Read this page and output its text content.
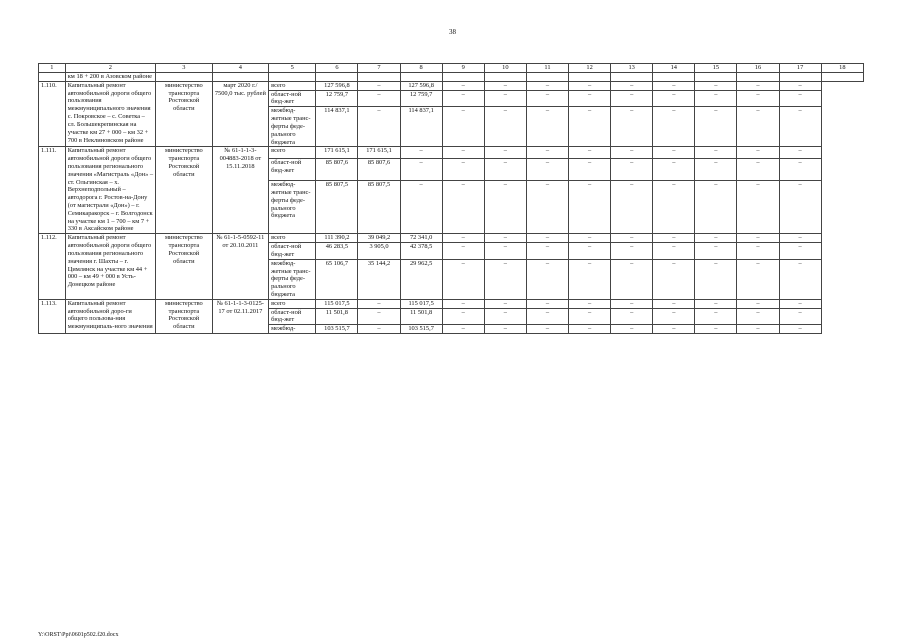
38
1	2	3	4	5	6	7	8	9	10	11	12	13	14	15	16	17	18
	км 18 + 200 в Азовском районе																
1.110.	Капитальный ремонт автомобильной дороги общего пользования межмуниципального значения с. Покровское – с. Советка – сл. Большекрепинская на участке км 27 + 000 – км 32 + 700 в Неклиновском районе	министерство транспорта Ростовской области	март 2020 г./ 7500,0 тыс. рублей	всего	127 596,8	–	127 596,8	–	–	–	–	–	–	–	–	–	
				област-ной бюд-жет	12 759,7	–	12 759,7	–	–	–	–	–	–	–	–	–	
				межбюд-жетные транс-ферты феде-рального бюджета	114 837,1	–	114 837,1	–	–	–	–	–	–	–	–	–	
1.111.	Капитальный ремонт автомобильной дороги общего пользования регионального значения «Магистраль «Дон» – ст. Ольгинская – х. Верхнеподпольный – автодорога г. Ростов-на-Дону (от магистрали «Дон») – г. Семикаракорск – г. Волгодонск на участке км 1 – 700 – км 7 + 330 в Аксайском районе	министерство транспорта Ростовской области	№ 61-1-1-3-004883-2018 от 15.11.2018	всего	171 615,1	171 615,1	–	–	–	–	–	–	–	–	–	–	
				област-ной бюд-жет	85 807,6	85 807,6	–	–	–	–	–	–	–	–	–	–	
				межбюд-жетные транс-ферты феде-рального бюджета	85 807,5	85 807,5	–	–	–	–	–	–	–	–	–	–	
1.112.	Капитальный ремонт автомобильной дороги общего пользования регионального значения г. Шахты – г. Цимлянск на участке км 44 + 000 – км 49 + 000 в Усть-Донецком районе	министерство транспорта Ростовской области	№ 61-1-5-0592-11 от 20.10.2011	всего	111 390,2	39 049,2	72 341,0	–	–	–	–	–	–	–	–	–	
				област-ной бюд-жет	46 283,5	3 905,0	42 378,5	–	–	–	–	–	–	–	–	–	
				межбюд-жетные транс-ферты феде-рального бюджета	65 106,7	35 144,2	29 962,5	–	–	–	–	–	–	–	–	–	
1.113.	Капитальный ремонт автомобильной доро-ги общего пользова-ния межмуниципаль-ного значения	министерство транспорта Ростовской области	№ 61-1-1-3-0125-17 от 02.11.2017	всего	115 017,5	–	115 017,5	–	–	–	–	–	–	–	–	–	
				област-ной бюд-жет	11 501,8	–	11 501,8	–	–	–	–	–	–	–	–	–	
				межбюд-	103 515,7	–	103 515,7	–	–	–	–	–	–	–	–	–	
Y:\ORST\Ppi\0601p502.f20.docx
